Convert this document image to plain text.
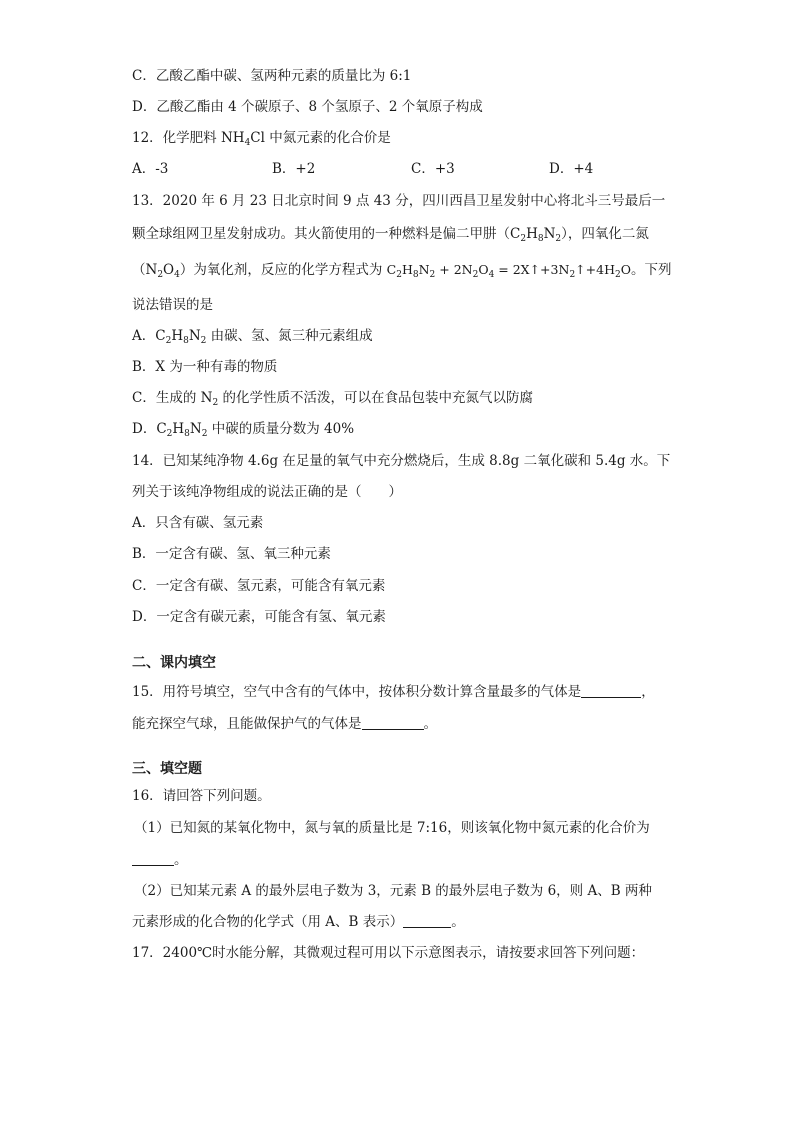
C．乙酸乙酯中碳、氢两种元素的质量比为 6:1
D．乙酸乙酯由 4 个碳原子、8 个氢原子、2 个氧原子构成
12．化学肥料 $NH_4Cl$ 中氮元素的化合价是
A．-3	B．+2	C．+3	D．+4
13．2020 年 6 月 23 日北京时间 9 点 43 分，四川西昌卫星发射中心将北斗三号最后一
颗全球组网卫星发射成功。其火箭使用的一种燃料是偏二甲肼$(C_2H_8N_2)$，四氧化二氮
$(N_2O_4)$为氧化剂，反应的化学方程式为 $C_2H_8N_2 + 2N_2O_4$ = $2X↑+3N_2↑+4H_2O$。下列
说法错误的是
A．$C_2H_8N_2$ 由碳、氢、氮三种元素组成
B．X 为一种有毒的物质
C．生成的 $N_2$ 的化学性质不活泼，可以在食品包装中充氮气以防腐
D．$C_2H_8N_2$ 中碳的质量分数为 40%
14．已知某纯净物 4.6g 在足量的氧气中充分燃烧后，生成 8.8g 二氧化碳和 5.4g 水。下
列关于该纯净物组成的说法正确的是（　　）
A．只含有碳、氢元素
B．一定含有碳、氢、氧三种元素
C．一定含有碳、氢元素，可能含有氧元素
D．一定含有碳元素，可能含有氢、氧元素
二、课内填空
15．用符号填空，空气中含有的气体中，按体积分数计算含量最多的气体是	，
能充探空气球，且能做保护气的气体是	。
三、填空题
16．请回答下列问题。
（1）已知氮的某氧化物中，氮与氧的质量比是 7:16，则该氧化物中氮元素的化合价为
。
（2）已知某元素 A 的最外层电子数为 3，元素 B 的最外层电子数为 6，则 A、B 两种
元素形成的化合物的化学式（用 A、B 表示）	。
17．2400℃时水能分解，其微观过程可用以下示意图表示，请按要求回答下列问题：
